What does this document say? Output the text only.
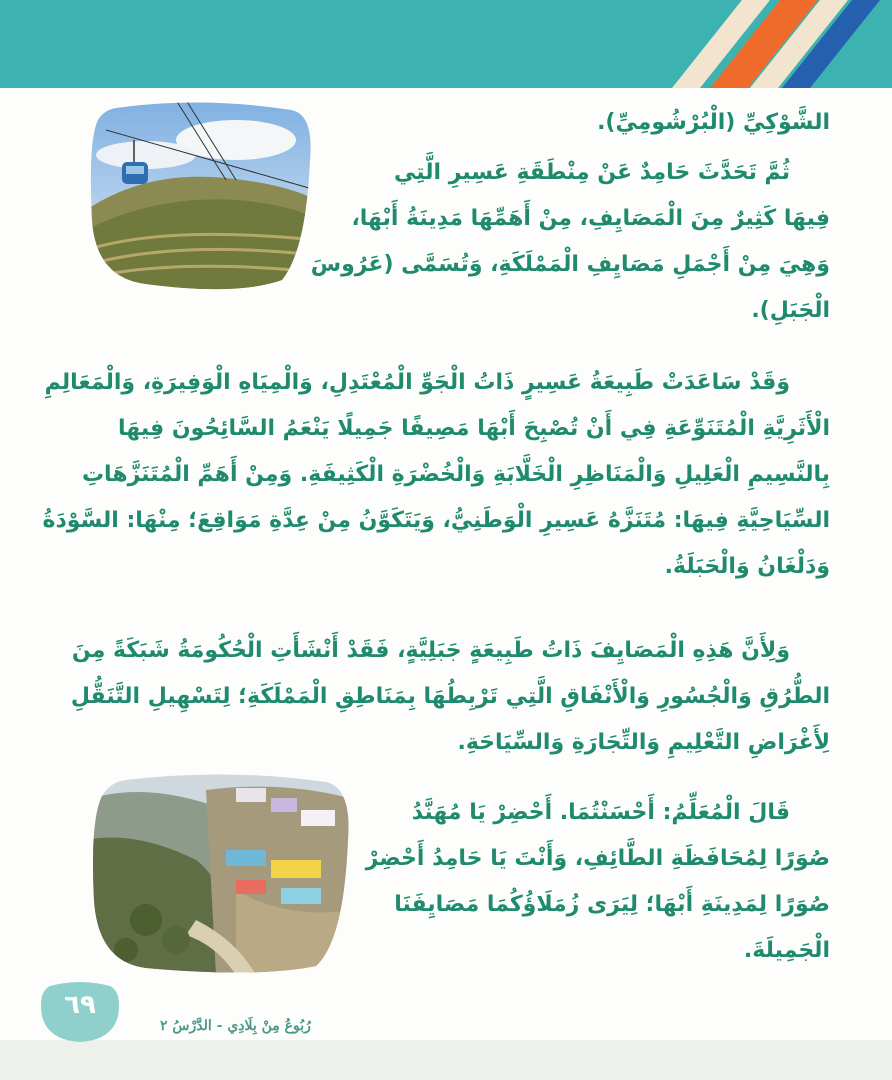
الشَّوْكِيِّ (الْبُرْشُومِيِّ).
ثُمَّ تَحَدَّثَ حَامِدٌ عَنْ مِنْطَقَةِ عَسِيرِ الَّتِي
فِيهَا كَثِيرٌ مِنَ الْمَصَايِفِ، مِنْ أَهَمِّهَا مَدِينَةُ أَبْهَا،
وَهِيَ مِنْ أَجْمَلِ مَصَايِفِ الْمَمْلَكَةِ، وَتُسَمَّى (عَرُوسَ
الْجَبَلِ).
وَقَدْ سَاعَدَتْ طَبِيعَةُ عَسِيرٍ ذَاتُ الْجَوِّ الْمُعْتَدِلِ، وَالْمِيَاهِ الْوَفِيرَةِ، وَالْمَعَالِمِ
الْأَثَرِيَّةِ الْمُتَنَوِّعَةِ فِي أَنْ تُصْبِحَ أَبْهَا مَصِيفًا جَمِيلًا يَنْعَمُ السَّائِحُونَ فِيهَا
بِالنَّسِيمِ الْعَلِيلِ وَالْمَنَاظِرِ الْخَلَّابَةِ وَالْخُضْرَةِ الْكَثِيفَةِ. وَمِنْ أَهَمِّ الْمُتَنَزَّهَاتِ
السِّيَاحِيَّةِ فِيهَا: مُتَنَزَّهُ عَسِيرِ الْوَطَنِيُّ، وَيَتَكَوَّنُ مِنْ عِدَّةِ مَوَاقِعَ؛ مِنْهَا: السَّوْدَةُ
وَدَلْغَانُ وَالْحَبَلَةُ.
وَلِأَنَّ هَذِهِ الْمَصَايِفَ ذَاتُ طَبِيعَةٍ جَبَلِيَّةٍ، فَقَدْ أَنْشَأَتِ الْحُكُومَةُ شَبَكَةً مِنَ
الطُّرُقِ وَالْجُسُورِ وَالْأَنْفَاقِ الَّتِي تَرْبِطُهَا بِمَنَاطِقِ الْمَمْلَكَةِ؛ لِتَسْهِيلِ التَّنَقُّلِ
لِأَغْرَاضِ التَّعْلِيمِ وَالتِّجَارَةِ وَالسِّيَاحَةِ.
قَالَ الْمُعَلِّمُ: أَحْسَنْتُمَا. أَحْضِرْ يَا مُهَنَّدُ
صُوَرًا لِمُحَافَظَةِ الطَّائِفِ، وَأَنْتَ يَا حَامِدُ أَحْضِرْ
صُوَرًا لِمَدِينَةِ أَبْهَا؛ لِيَرَى زُمَلَاؤُكُمَا مَصَايِفَنَا
الْجَمِيلَةَ.
٦٩
رُبُوعُ مِنْ بِلَادِي - الدَّرْسُ ٢
